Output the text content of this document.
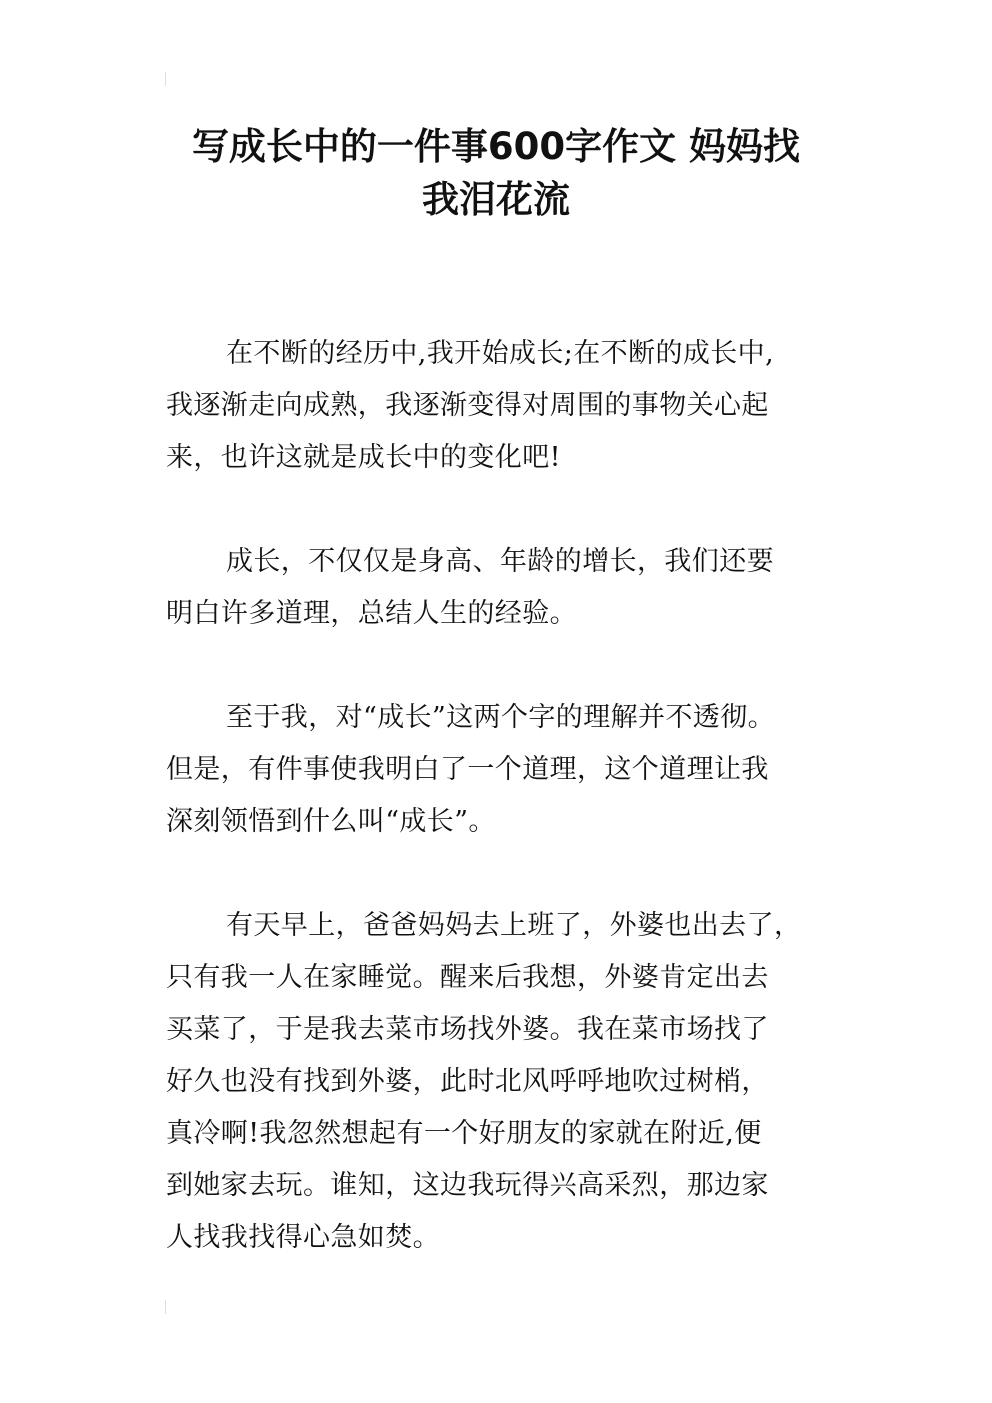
写成长中的一件事600字作文 妈妈找
我泪花流
在不断的经历中,我开始成长;在不断的成长中,
我逐渐走向成熟，我逐渐变得对周围的事物关心起
来，也许这就是成长中的变化吧!
成长，不仅仅是身高、年龄的增长，我们还要
明白许多道理，总结人生的经验。
至于我，对“成长”这两个字的理解并不透彻。
但是，有件事使我明白了一个道理，这个道理让我
深刻领悟到什么叫“成长”。
有天早上，爸爸妈妈去上班了，外婆也出去了，
只有我一人在家睡觉。醒来后我想，外婆肯定出去
买菜了，于是我去菜市场找外婆。我在菜市场找了
好久也没有找到外婆，此时北风呼呼地吹过树梢，
真冷啊!我忽然想起有一个好朋友的家就在附近,便
到她家去玩。谁知，这边我玩得兴高采烈，那边家
人找我找得心急如焚。
